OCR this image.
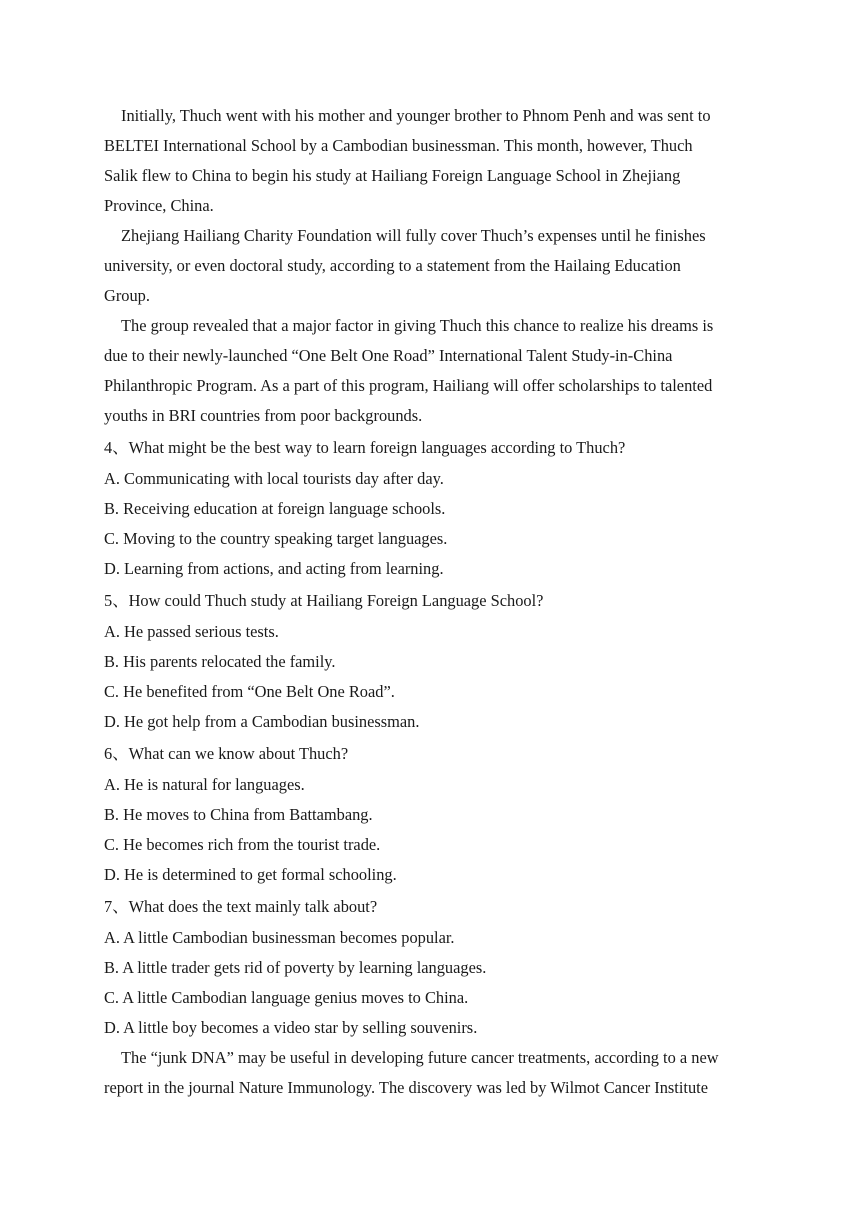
Initially, Thuch went with his mother and younger brother to Phnom Penh and was sent to
BELTEI International School by a Cambodian businessman. This month, however, Thuch
Salik flew to China to begin his study at Hailiang Foreign Language School in Zhejiang
Province, China.
Zhejiang Hailiang Charity Foundation will fully cover Thuch’s expenses until he finishes
university, or even doctoral study, according to a statement from the Hailaing Education
Group.
The group revealed that a major factor in giving Thuch this chance to realize his dreams is
due to their newly-launched “One Belt One Road” International Talent Study-in-China
Philanthropic Program. As a part of this program, Hailiang will offer scholarships to talented
youths in BRI countries from poor backgrounds.
4、What might be the best way to learn foreign languages according to Thuch?
A. Communicating with local tourists day after day.
B. Receiving education at foreign language schools.
C. Moving to the country speaking target languages.
D. Learning from actions, and acting from learning.
5、How could Thuch study at Hailiang Foreign Language School?
A. He passed serious tests.
B. His parents relocated the family.
C. He benefited from “One Belt One Road”.
D. He got help from a Cambodian businessman.
6、What can we know about Thuch?
A. He is natural for languages.
B. He moves to China from Battambang.
C. He becomes rich from the tourist trade.
D. He is determined to get formal schooling.
7、What does the text mainly talk about?
A. A little Cambodian businessman becomes popular.
B. A little trader gets rid of poverty by learning languages.
C. A little Cambodian language genius moves to China.
D. A little boy becomes a video star by selling souvenirs.
The “junk DNA” may be useful in developing future cancer treatments, according to a new
report in the journal Nature Immunology. The discovery was led by Wilmot Cancer Institute
